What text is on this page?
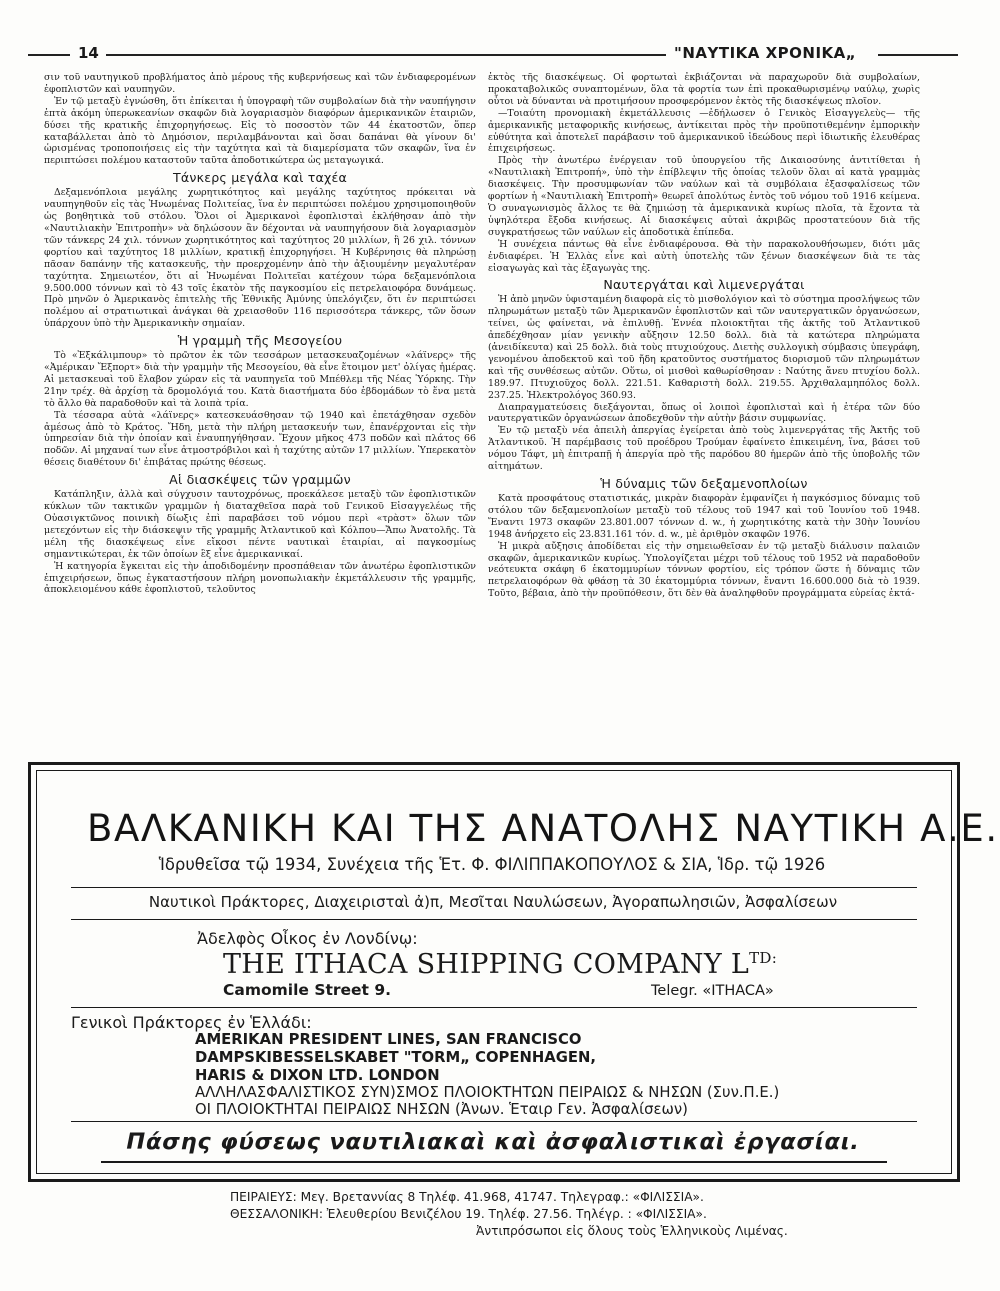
14	"ΝΑΥΤΙΚΑ ΧΡΟΝΙΚΑ„

σιν τοῦ ναυτηγικοῦ προβλήματος ἀπὸ μέρους τῆς κυβερνήσεως καὶ τῶν ἐνδιαφερομένων ἐφοπλιστῶν καὶ ναυπηγῶν.

Ἐν τῷ μεταξὺ ἐγνώσθη, ὅτι ἐπίκειται ἡ ὑπογραφὴ τῶν συμβολαίων διὰ τὴν ναυπήγησιν ἑπτὰ ἀκόμη ὑπερωκεανίων σκαφῶν διὰ λογαριασμὸν διαφόρων ἀμερικανικῶν ἑταιριῶν, δύσει τῆς κρατικῆς ἐπιχορηγήσεως. Εἰς τὸ ποσοστὸν τῶν 44 ἑκατοστῶν, ὅπερ καταβάλλεται ἀπὸ τὸ Δημόσιον, περιλαμβάνονται καὶ ὅσαι δαπάναι θὰ γίνουν δι' ὡρισμένας τροποποιήσεις εἰς τὴν ταχύτητα καὶ τὰ διαμερίσματα τῶν σκαφῶν, ἵνα ἐν περιπτώσει πολέμου καταστοῦν ταῦτα ἀποδοτικώτερα ὡς μεταγωγικά.

Τάνκερς μεγάλα καὶ ταχέα

Δεξαμενόπλοια μεγάλης χωρητικότητος καὶ μεγάλης ταχύτητος πρόκειται νὰ ναυπηγηθοῦν εἰς τὰς Ἡνωμένας Πολιτείας, ἵνα ἐν περιπτώσει πολέμου χρησιμοποιηθοῦν ὡς βοηθητικὰ τοῦ στόλου. Ὅλοι οἱ Ἀμερικανοὶ ἐφοπλισταὶ ἐκλήθησαν ἀπὸ τὴν «Ναυτιλιακὴν Ἐπιτροπὴν» νὰ δηλώσουν ἂν δέχονται νὰ ναυπηγήσουν διὰ λογαριασμὸν τῶν τάνκερς 24 χιλ. τόννων χωρητικότητος καὶ ταχύτητος 20 μιλλίων, ἢ 26 χιλ. τόννων φορτίου καὶ ταχύτητος 18 μιλλίων, κρατικῇ ἐπιχορηγήσει. Ἡ Κυβέρνησις θὰ πληρώσῃ πᾶσαν δαπάνην τῆς κατασκευῆς, τὴν προερχομένην ἀπὸ τὴν ἀξιουμένην μεγαλυτέραν ταχύτητα. Σημειωτέον, ὅτι αἱ Ἡνωμέναι Πολιτεῖαι κατέχουν τώρα δεξαμενόπλοια 9.500.000 τόννων καὶ τὸ 43 τοῖς ἑκατὸν τῆς παγκοσμίου εἰς πετρελαιοφόρα δυνάμεως. Πρὸ μηνῶν ὁ Ἀμερικανὸς ἐπιτελὴς τῆς Ἐθνικῆς Ἀμύνης ὑπελόγιζεν, ὅτι ἐν περιπτώσει πολέμου αἱ στρατιωτικαὶ ἀνάγκαι θὰ χρειασθοῦν 116 περισσότερα τάνκερς, τῶν ὅσων ὑπάρχουν ὑπὸ τὴν Ἀμερικανικὴν σημαίαν.

Ἡ γραμμὴ τῆς Μεσογείου

Τὸ «Ἐξκάλιμπουρ» τὸ πρῶτον ἐκ τῶν τεσσάρων μετασκευαζομένων «λάϊνερς» τῆς «Ἀμέρικαν Ἔξπορτ» διὰ τὴν γραμμὴν τῆς Μεσογείου, θὰ εἶνε ἕτοιμον μετ' ὀλίγας ἡμέρας. Αἱ μετασκευαὶ τοῦ ἔλαβον χώραν εἰς τὰ ναυπηγεῖα τοῦ Μπέθλεμ τῆς Νέας Ὑόρκης. Τὴν 21ην τρέχ. θὰ ἀρχίσῃ τὰ δρομολόγιά του. Κατὰ διαστήματα δύο ἑβδομάδων τὸ ἕνα μετὰ τὸ ἄλλο θὰ παραδοθοῦν καὶ τὰ λοιπὰ τρία.

Τὰ τέσσαρα αὐτὰ «λάϊνερς» κατεσκευάσθησαν τῷ 1940 καὶ ἐπετάχθησαν σχεδὸν ἀμέσως ἀπὸ τὸ Κράτος. Ἤδη, μετὰ τὴν πλήρη μετασκευήν των, ἐπανέρχονται εἰς τὴν ὑπηρεσίαν διὰ τὴν ὁποίαν καὶ ἐναυπηγήθησαν. Ἔχουν μῆκος 473 ποδῶν καὶ πλάτος 66 ποδῶν. Αἱ μηχαναί των εἶνε ἀτμοστρόβιλοι καὶ ἡ ταχύτης αὐτῶν 17 μιλλίων. Ὑπερεκατὸν θέσεις διαθέτουν δι' ἐπιβάτας πρώτης θέσεως.

Αἱ διασκέψεις τῶν γραμμῶν

Κατάπληξιν, ἀλλὰ καὶ σύγχυσιν ταυτοχρόνως, προεκάλεσε μεταξὺ τῶν ἐφοπλιστικῶν κύκλων τῶν τακτικῶν γραμμῶν ἡ διαταχθεῖσα παρὰ τοῦ Γενικοῦ Εἰσαγγελέως τῆς Οὐασιγκτῶνος ποινικὴ δίωξις ἐπὶ παραβάσει τοῦ νόμου περὶ «τρὰστ» ὅλων τῶν μετεχόντων εἰς τὴν διάσκεψιν τῆς γραμμῆς Ἀτλαντικοῦ καὶ Κόλπου—Ἄπω Ἀνατολῆς. Τὰ μέλη τῆς διασκέψεως εἶνε εἴκοσι πέντε ναυτικαὶ ἑταιρίαι, αἱ παγκοσμίως σημαντικώτεραι, ἐκ τῶν ὁποίων ἓξ εἶνε ἀμερικανικαί.

Ἡ κατηγορία ἔγκειται εἰς τὴν ἀποδιδομένην προσπάθειαν τῶν ἀνωτέρω ἐφοπλιστικῶν ἐπιχειρήσεων, ὅπως ἐγκαταστήσουν πλήρη μονοπωλιακὴν ἐκμετάλλευσιν τῆς γραμμῆς, ἀποκλειομένου κάθε ἐφοπλιστοῦ, τελοῦντος

ἐκτὸς τῆς διασκέψεως. Οἱ φορτωταὶ ἐκβιάζονται νὰ παραχωροῦν διὰ συμβολαίων, προκαταβολικῶς συναπτομένων, ὅλα τὰ φορτία των ἐπὶ προκαθωρισμένῳ ναύλῳ, χωρὶς οὗτοι νὰ δύνανται νὰ προτιμήσουν προσφερόμενον ἐκτὸς τῆς διασκέψεως πλοῖον.

—Τοιαύτη προνομιακὴ ἐκμετάλλευσις —ἐδήλωσεν ὁ Γενικὸς Εἰσαγγελεὺς— τῆς ἀμερικανικῆς μεταφορικῆς κινήσεως, ἀντίκειται πρὸς τὴν προϋποτιθεμένην ἐμπορικὴν εὐθύτητα καὶ ἀποτελεῖ παράβασιν τοῦ ἀμερικανικοῦ ἰδεώδους περὶ ἰδιωτικῆς ἐλευθέρας ἐπιχειρήσεως.

Πρὸς τὴν ἀνωτέρω ἐνέργειαν τοῦ ὑπουργείου τῆς Δικαιοσύνης ἀντιτίθεται ἡ «Ναυτιλιακὴ Ἐπιτροπή», ὑπὸ τὴν ἐπίβλεψιν τῆς ὁποίας τελοῦν ὅλαι αἱ κατὰ γραμμὰς διασκέψεις. Τὴν προσυμφωνίαν τῶν ναύλων καὶ τὰ συμβόλαια ἐξασφαλίσεως τῶν φορτίων ἡ «Ναυτιλιακὴ Ἐπιτροπὴ» θεωρεῖ ἀπολύτως ἐντὸς τοῦ νόμου τοῦ 1916 κείμενα. Ὁ συναγωνισμὸς ἄλλος τε θὰ ζημιώσῃ τὰ ἀμερικανικὰ κυρίως πλοῖα, τὰ ἔχοντα τὰ ὑψηλότερα ἔξοδα κινήσεως. Αἱ διασκέψεις αὐταὶ ἀκριβῶς προστατεύουν διὰ τῆς συγκρατήσεως τῶν ναύλων εἰς ἀποδοτικὰ ἐπίπεδα.

Ἡ συνέχεια πάντως θὰ εἶνε ἐνδιαφέρουσα. Θὰ τὴν παρακολουθήσωμεν, διότι μᾶς ἐνδιαφέρει. Ἡ Ἑλλὰς εἶνε καὶ αὐτὴ ὑποτελὴς τῶν ξένων διασκέψεων διὰ τε τὰς εἰσαγωγὰς καὶ τὰς ἐξαγωγὰς της.

Ναυτεργάται καὶ λιμενεργάται

Ἡ ἀπὸ μηνῶν ὑφισταμένη διαφορὰ εἰς τὸ μισθολόγιον καὶ τὸ σύστημα προσλήψεως τῶν πληρωμάτων μεταξὺ τῶν Ἀμερικανῶν ἐφοπλιστῶν καὶ τῶν ναυτεργατικῶν ὀργανώσεων, τείνει, ὡς φαίνεται, νὰ ἐπιλυθῇ. Ἐννέα πλοιοκτῆται τῆς ἀκτῆς τοῦ Ἀτλαντικοῦ ἀπεδέχθησαν μίαν γενικὴν αὔξησιν 12.50 δολλ. διὰ τὰ κατώτερα πληρώματα (ἀνειδίκευτα) καὶ 25 δολλ. διὰ τοὺς πτυχιούχους. Διετὴς συλλογικὴ σύμβασις ὑπεγράφη, γενομένου ἀποδεκτοῦ καὶ τοῦ ἤδη κρατοῦντος συστήματος διορισμοῦ τῶν πληρωμάτων καὶ τῆς συνθέσεως αὐτῶν. Οὕτω, οἱ μισθοὶ καθωρίσθησαν : Ναύτης ἄνευ πτυχίου δολλ. 189.97. Πτυχιοῦχος δολλ. 221.51. Καθαριστὴ δολλ. 219.55. Ἀρχιθαλαμηπόλος δολλ. 237.25. Ἠλεκτρολόγος 360.93.

Διαπραγματεύσεις διεξάγονται, ὅπως οἱ λοιποὶ ἐφοπλισταὶ καὶ ἡ ἑτέρα τῶν δύο ναυτεργατικῶν ὀργανώσεων ἀποδεχθοῦν τὴν αὐτὴν βάσιν συμφωνίας.

Ἐν τῷ μεταξὺ νέα ἀπειλὴ ἀπεργίας ἐγείρεται ἀπὸ τοὺς λιμενεργάτας τῆς Ἀκτῆς τοῦ Ἀτλαντικοῦ. Ἡ παρέμβασις τοῦ προέδρου Τρούμαν ἐφαίνετο ἐπικειμένη, ἵνα, βάσει τοῦ νόμου Τάφτ, μὴ ἐπιτραπῇ ἡ ἀπεργία πρὸ τῆς παρόδου 80 ἡμερῶν ἀπὸ τῆς ὑποβολῆς τῶν αἰτημάτων.

Ἡ δύναμις τῶν δεξαμενοπλοίων

Κατὰ προσφάτους στατιστικάς, μικρὰν διαφορὰν ἐμφανίζει ἡ παγκόσμιος δύναμις τοῦ στόλου τῶν δεξαμενοπλοίων μεταξὺ τοῦ τέλους τοῦ 1947 καὶ τοῦ Ἰουνίου τοῦ 1948. Ἔναντι 1973 σκαφῶν 23.801.007 τόννων d. w., ἡ χωρητικότης κατὰ τὴν 30ὴν Ἰουνίου 1948 ἀνήρχετο εἰς 23.831.161 τόν. d. w., μὲ ἀριθμὸν σκαφῶν 1976.

Ἡ μικρὰ αὔξησις ἀποδίδεται εἰς τὴν σημειωθεῖσαν ἐν τῷ μεταξὺ διάλυσιν παλαιῶν σκαφῶν, ἀμερικανικῶν κυρίως. Ὑπολογίζεται μέχρι τοῦ τέλους τοῦ 1952 νὰ παραδοθοῦν νεότευκτα σκάφη 6 ἑκατομμυρίων τόννων φορτίου, εἰς τρόπον ὥστε ἡ δύναμις τῶν πετρελαιοφόρων θὰ φθάσῃ τὰ 30 ἑκατομμύρια τόννων, ἔναντι 16.600.000 διὰ τὸ 1939. Τοῦτο, βέβαια, ἀπὸ τὴν προϋπόθεσιν, ὅτι δὲν θὰ ἀναληφθοῦν προγράμματα εὐρείας ἐκτά-

ΒΑΛΚΑΝΙΚΗ ΚΑΙ ΤΗΣ ΑΝΑΤΟΛΗΣ ΝΑΥΤΙΚΗ Α.Ε.
Ἱδρυθεῖσα τῷ 1934, Συνέχεια τῆς Ἑτ. Φ. ΦΙΛΙΠΠΑΚΟΠΟΥΛΟΣ & ΣΙΑ, Ἱδρ. τῷ 1926
Ναυτικοὶ Πράκτορες, Διαχειρισταὶ ἀ)π, Μεσῖται Ναυλώσεων, Ἀγοραπωλησιῶν, Ἀσφαλίσεων
Ἀδελφὸς Οἶκος ἐν Λονδίνῳ:
THE ITHACA SHIPPING COMPANY $L^{TD:}$
Camomile Street 9.	Telegr. «ITHACA»
Γενικοὶ Πράκτορες ἐν Ἑλλάδι:
AMERIKAN PRESIDENT LINES, SAN FRANCISCO
DAMPSKIBESSELSKABET "TORM„ COPENHAGEN,
HARIS & DIXON LTD. LONDON
ΑΛΛΗΛΑΣΦΑΛΙΣΤΙΚΟΣ ΣΥΝ)ΣΜΟΣ ΠΛΟΙΟΚΤΗΤΩΝ ΠΕΙΡΑΙΩΣ & ΝΗΣΩΝ (Συν.Π.Ε.)
ΟΙ ΠΛΟΙΟΚΤΗΤΑΙ ΠΕΙΡΑΙΩΣ ΝΗΣΩΝ (Ἀνων. Ἑταιρ Γεν. Ἀσφαλίσεων)
Πάσης φύσεως ναυτιλιακαὶ καὶ ἀσφαλιστικαὶ ἐργασίαι.
ΠΕΙΡΑΙΕΥΣ: Μεγ. Βρεταννίας 8 Τηλέφ. 41.968, 41747. Τηλεγραφ.: «ΦΙΛΙΣΣΙΑ».
ΘΕΣΣΑΛΟΝΙΚΗ: Ἐλευθερίου Βενιζέλου 19. Τηλέφ. 27.56. Τηλέγρ. : «ΦΙΛΙΣΣΙΑ».
Ἀντιπρόσωποι εἰς ὅλους τοὺς Ἑλληνικοὺς Λιμένας.
